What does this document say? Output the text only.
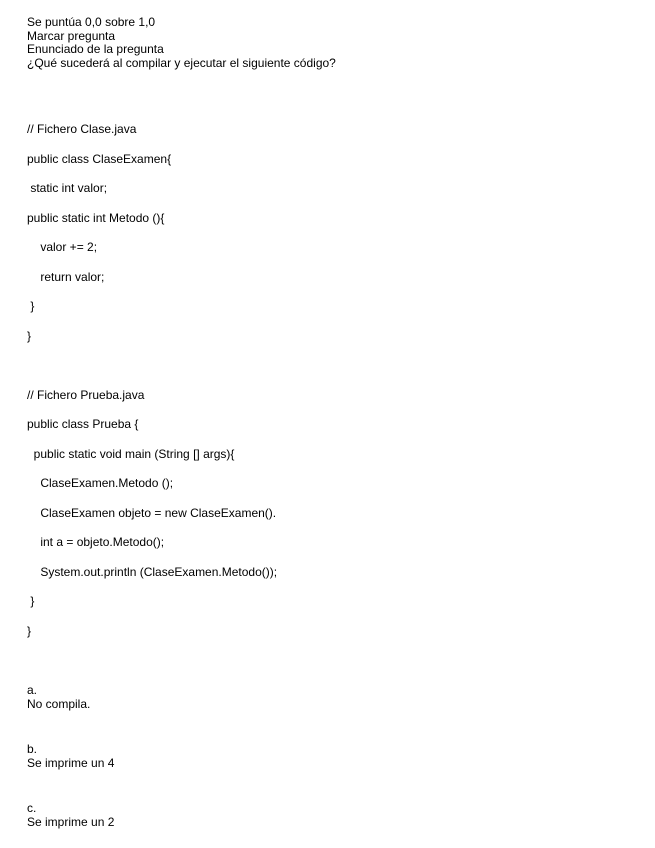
Se puntúa 0,0 sobre 1,0
Marcar pregunta
Enunciado de la pregunta
¿Qué sucederá al compilar y ejecutar el siguiente código?
// Fichero Clase.java
public class ClaseExamen{
static int valor;
public static int Metodo (){
valor += 2;
return valor;
}
}
// Fichero Prueba.java
public class Prueba {
public static void main (String [] args){
ClaseExamen.Metodo ();
ClaseExamen objeto = new ClaseExamen().
int a = objeto.Metodo();
System.out.println (ClaseExamen.Metodo());
}
}
a.
No compila.
b.
Se imprime un 4
c.
Se imprime un 2
